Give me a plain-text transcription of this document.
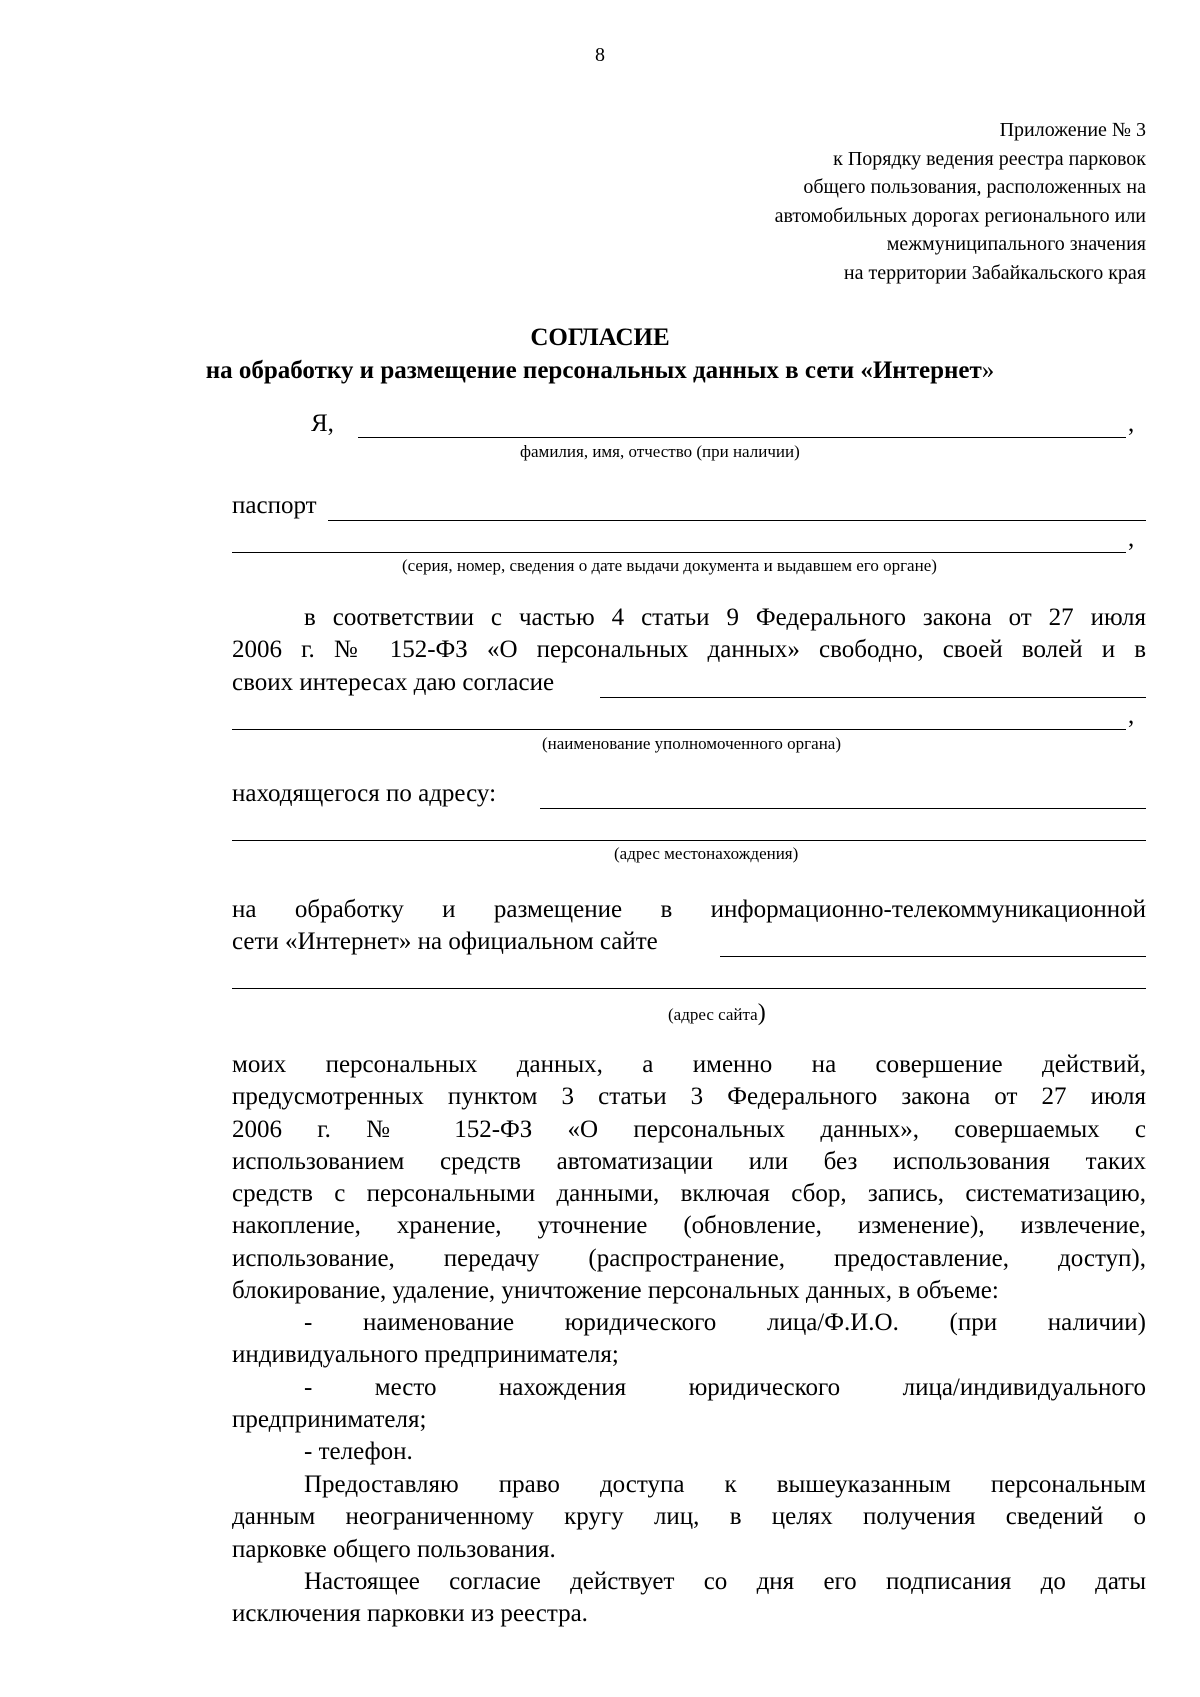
8
Приложение № 3
к Порядку ведения реестра парковок
общего пользования, расположенных на
автомобильных дорогах регионального или
межмуниципального значения
на территории Забайкальского края
СОГЛАСИЕ
на обработку и размещение персональных данных в сети «Интернет»
Я,	,
фамилия, имя, отчество (при наличии)
паспорт
,
(серия, номер, сведения о дате выдачи документа и выдавшем его органе)
в соответствии с частью 4 статьи 9 Федерального закона от 27 июля
2006 г. № 152-ФЗ «О персональных данных» свободно, своей волей и в
своих интересах даю согласие
,
(наименование уполномоченного органа)
находящегося по адресу:
(адрес местонахождения)
на обработку и размещение в информационно-телекоммуникационной
сети «Интернет» на официальном сайте
(адрес сайта)
моих персональных данных, а именно на совершение действий,
предусмотренных пунктом 3 статьи 3 Федерального закона от 27 июля
2006 г. № 152-ФЗ «О персональных данных», совершаемых с
использованием средств автоматизации или без использования таких
средств с персональными данными, включая сбор, запись, систематизацию,
накопление, хранение, уточнение (обновление, изменение), извлечение,
использование, передачу (распространение, предоставление, доступ),
блокирование, удаление, уничтожение персональных данных, в объеме:
- наименование юридического лица/Ф.И.О. (при наличии)
индивидуального предпринимателя;
- место нахождения юридического лица/индивидуального
предпринимателя;
- телефон.
Предоставляю право доступа к вышеуказанным персональным
данным неограниченному кругу лиц, в целях получения сведений о
парковке общего пользования.
Настоящее согласие действует со дня его подписания до даты
исключения парковки из реестра.
